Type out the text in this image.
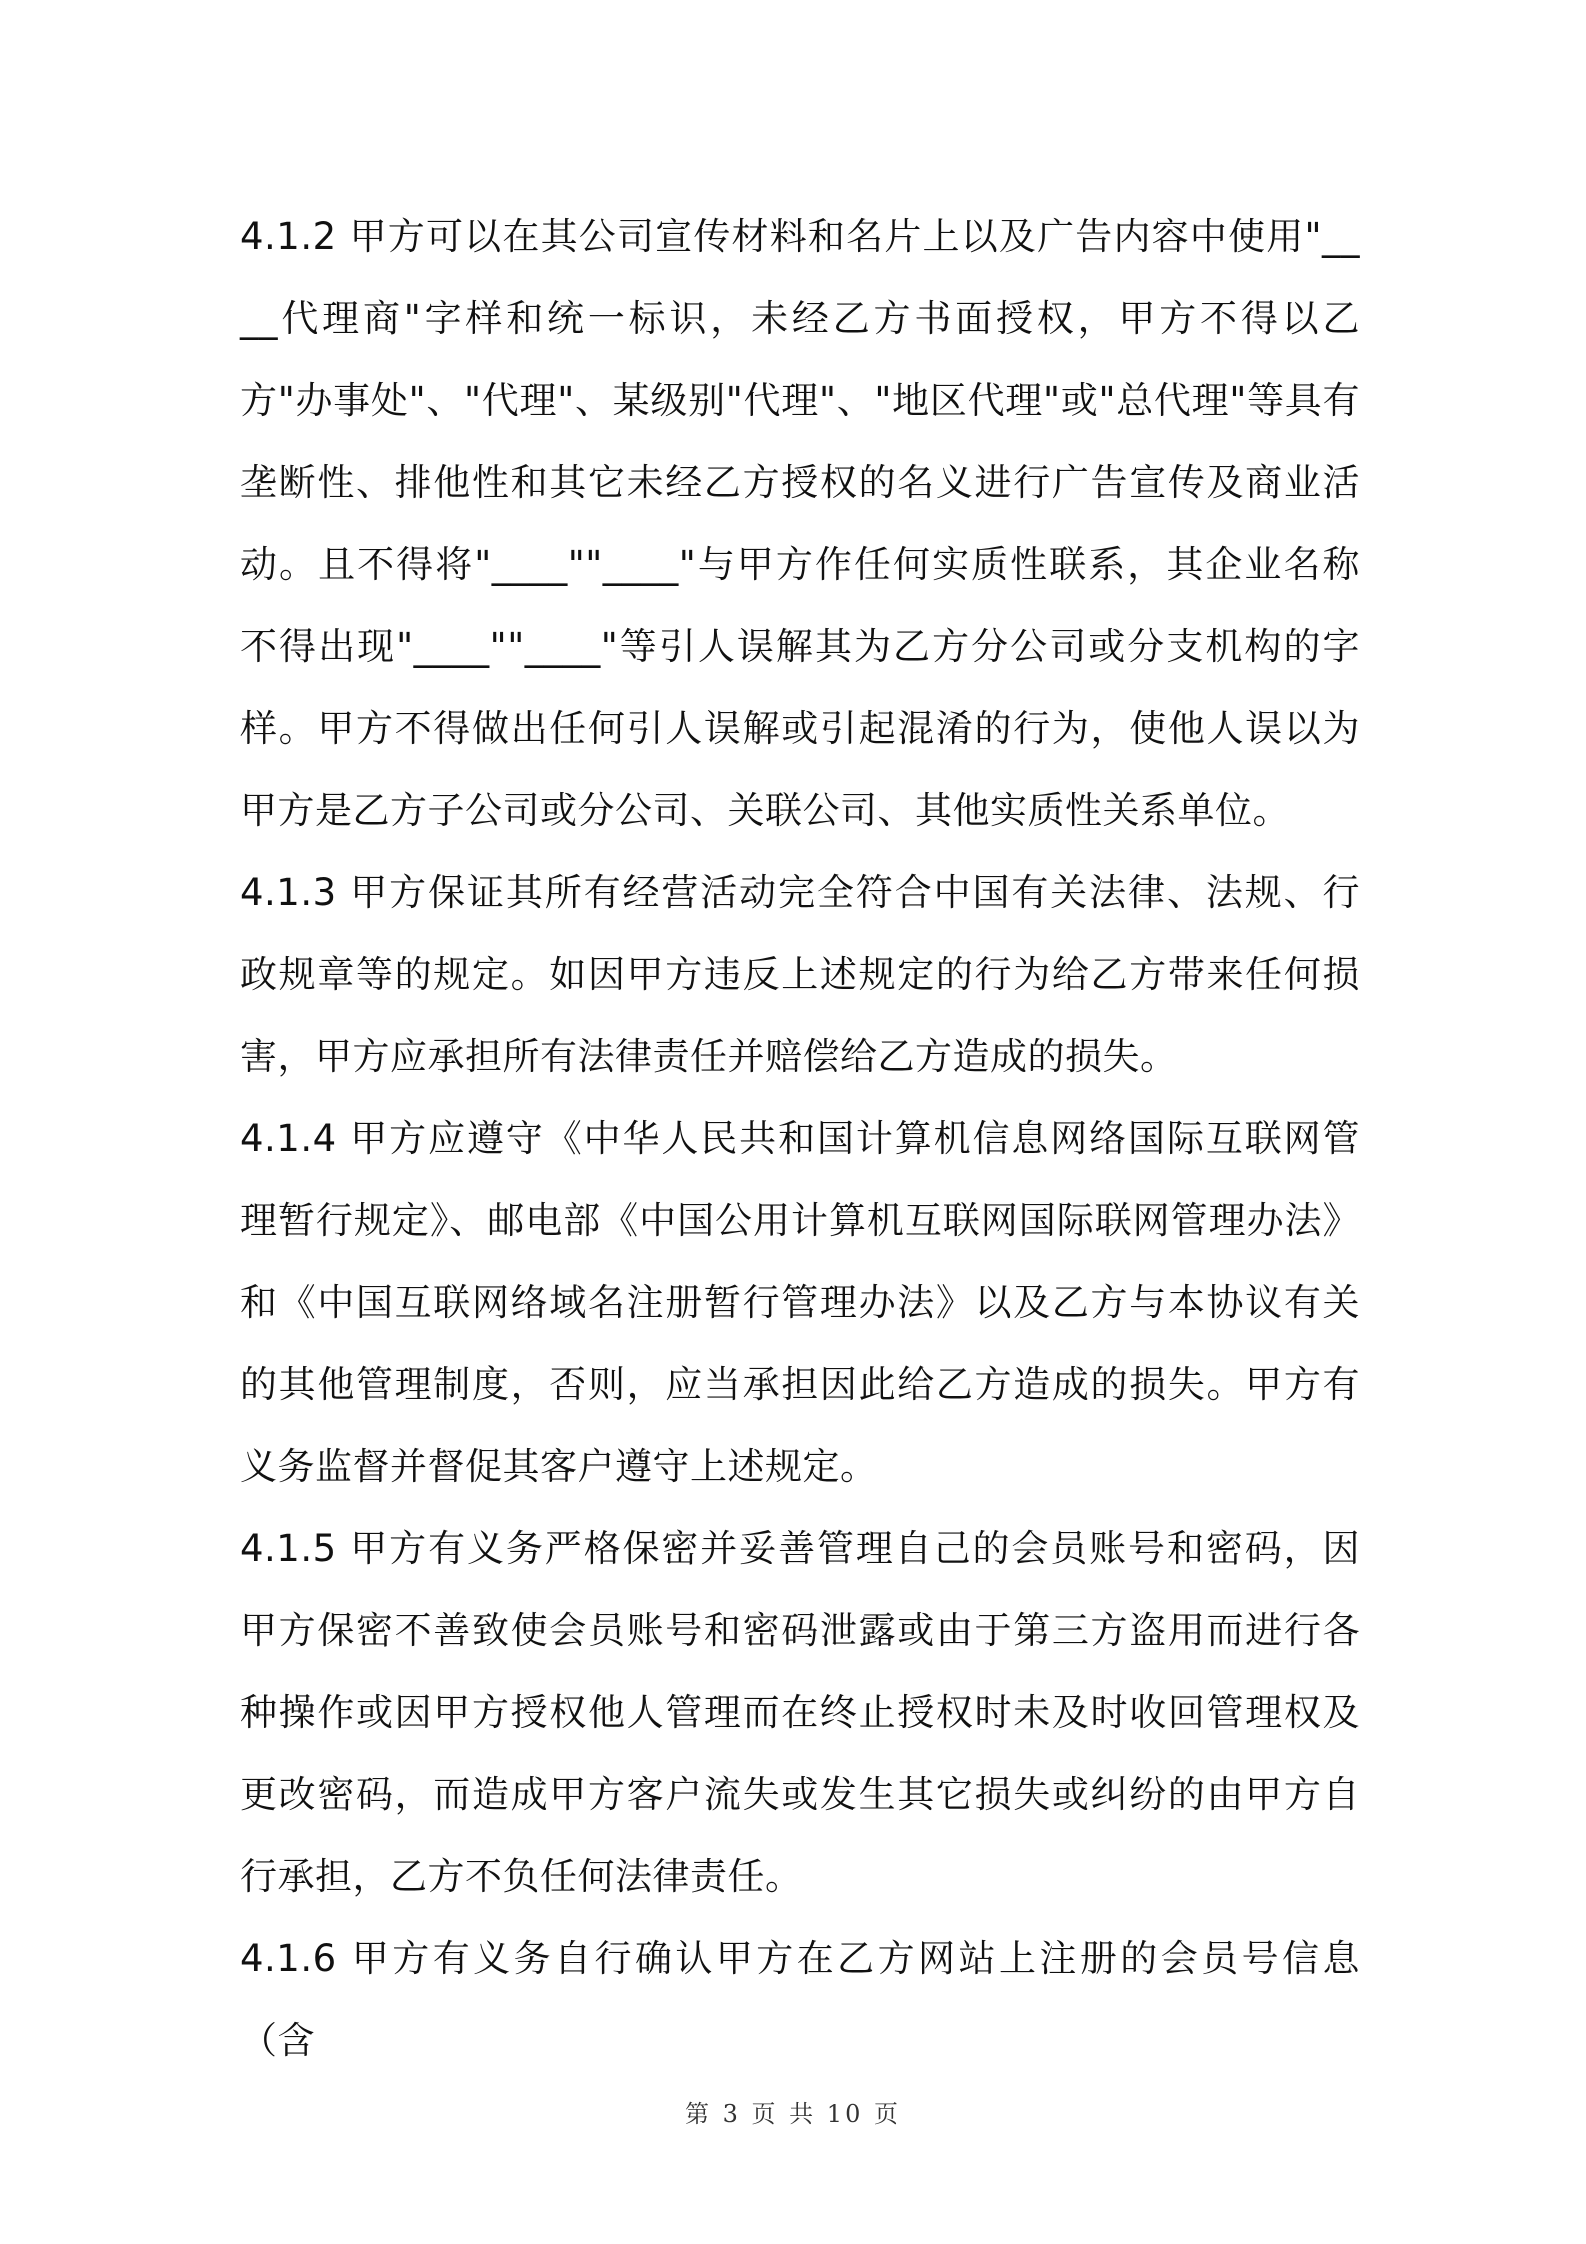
4.1.2 甲方可以在其公司宣传材料和名片上以及广告内容中使用"____代理商"字样和统一标识，未经乙方书面授权，甲方不得以乙方"办事处"、"代理"、某级别"代理"、"地区代理"或"总代理"等具有垄断性、排他性和其它未经乙方授权的名义进行广告宣传及商业活动。且不得将"____""____"与甲方作任何实质性联系，其企业名称不得出现"____""____"等引人误解其为乙方分公司或分支机构的字样。甲方不得做出任何引人误解或引起混淆的行为，使他人误以为甲方是乙方子公司或分公司、关联公司、其他实质性关系单位。

4.1.3 甲方保证其所有经营活动完全符合中国有关法律、法规、行政规章等的规定。如因甲方违反上述规定的行为给乙方带来任何损害，甲方应承担所有法律责任并赔偿给乙方造成的损失。

4.1.4 甲方应遵守《中华人民共和国计算机信息网络国际互联网管理暂行规定》、邮电部《中国公用计算机互联网国际联网管理办法》和《中国互联网络域名注册暂行管理办法》以及乙方与本协议有关的其他管理制度，否则，应当承担因此给乙方造成的损失。甲方有义务监督并督促其客户遵守上述规定。

4.1.5 甲方有义务严格保密并妥善管理自己的会员账号和密码，因甲方保密不善致使会员账号和密码泄露或由于第三方盗用而进行各种操作或因甲方授权他人管理而在终止授权时未及时收回管理权及更改密码，而造成甲方客户流失或发生其它损失或纠纷的由甲方自行承担，乙方不负任何法律责任。

4.1.6 甲方有义务自行确认甲方在乙方网站上注册的会员号信息（含

第 3 页 共 10 页
